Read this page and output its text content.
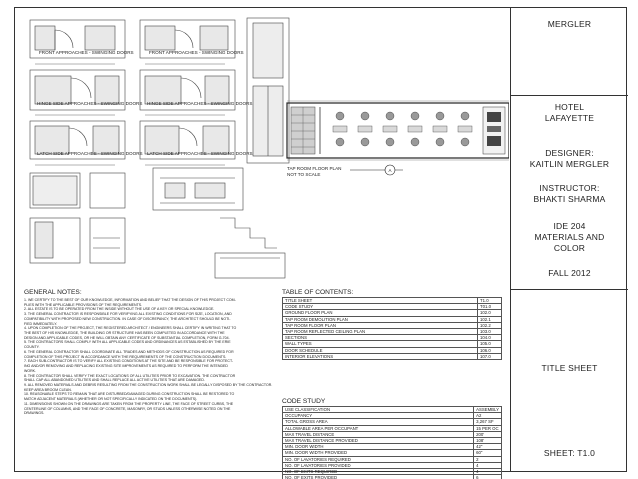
MERGLER
HOTEL
LAFAYETTE
DESIGNER:
KAITLIN MERGLER
INSTRUCTOR:
BHAKTI SHARMA
IDE 204
MATERIALS AND
COLOR
FALL 2012
TITLE SHEET
SHEET: T1.0
A
FRONT APPROACHES - SWINGING DOORS	FRONT APPROACHES - SWINGING DOORS
HINGE SIDE APPROACHES - SWINGING DOORS HINGE SIDE APPROACHES - SWINGING DOORS
LATCH SIDE APPROACHES - SWINGING DOORS LATCH SIDE APPROACHES - SWINGING DOORS
TAP ROOM FLOOR PLAN
NOT TO SCALE
GENERAL NOTES:
1. WE CERTIFY TO THE BEST OF OUR KNOWLEDGE, INFORMATION AND BELIEF THAT THE DESIGN OF THIS PROJECT COM-
PLIES WITH THE APPLICABLE PROVISIONS OF THE REQUIREMENTS.
2. ALL ESTATE IS TO BE OPERATED FROM THE INSIDE WITHOUT THE USE OF A KEY OR SPECIAL KNOWLEDGE.
3. THE GENERAL CONTRACTOR IS RESPONSIBLE FOR VERIFYING ALL EXISTING CONDITIONS FOR SIZE, LOCATION, AND
COMPATIBILITY WITH PROPOSED NEW CONSTRUCTION. IN CASE OF DISCREPANCY, THE ARCHITECT SHOULD BE NOTI-
FIED IMMEDIATELY.
4. UPON COMPLETION OF THE PROJECT, THE REGISTERED ARCHITECT / ENGINEERS SHALL CERTIFY IN WRITING THAT TO
THE BEST OF HIS KNOWLEDGE, THE BUILDING OR STRUCTURE HAS BEEN COMPLETED IN ACCORDANCE WITH THE
DESIGN AND APPLICABLE CODES, OR HE WILL OBTAIN ANY CERTIFICATE OF SUBSTANTIAL COMPLETION, FORM G-704.
5. THE CONTRACTORS SHALL COMPLY WITH ALL APPLICABLE CODES AND ORDINANCES AS ESTABLISHED BY THE ERIE
COUNTY.
6. THE GENERAL CONTRACTOR SHALL COORDINATE ALL TRADES AND METHODS OF CONSTRUCTION AS REQUIRED FOR
COMPLETION OF THIS PROJECT IN ACCORDANCE WITH THE REQUIREMENTS OF THE CONSTRUCTION DOCUMENTS.
7. EACH SUB-CONTRACTOR IS TO VERIFY ALL EXISTING CONDITIONS AT THE SITE AND BE RESPONSIBLE FOR PROTECT-
ING AND/OR REMOVING AND REPLACING EXISTING SITE IMPROVEMENTS AS REQUIRED TO PERFORM THE INTENDED
WORK.
8. THE CONTRACTOR SHALL VERIFY THE EXACT LOCATIONS OF ALL UTILITIES PRIOR TO EXCAVATION. THE CONTRACTOR
SHALL CAP ALL ABANDONED UTILITIES AND SHALL REPLACE ALL ACTIVE UTILITIES THAT ARE DAMAGED.
9. ALL REMOVED MATERIALS AND DEBRIS RESULTING FROM THE CONSTRUCTION WORK SHALL BE LEGALLY DISPOSED BY THE CONTRACTOR.
KEEP AREA BROOM CLEAN.
10. REASONABLE STEPS TO REMAIN THAT ARE DISTURBED/DAMAGED DURING CONSTRUCTION SHALL BE RESTORED TO
MATCH ADJACENT MATERIALS (WHETHER OR NOT SPECIFICALLY INDICATED ON THE DOCUMENTS).
11. DIMENSIONS SHOWN ON THE DRAWINGS ARE TAKEN FROM THE PROPERTY LINE, THE FACE OF STREET CURBS, THE
CENTERLINE OF COLUMNS, AND THE FACE OF CONCRETE, MASONRY, OR STUDS UNLESS OTHERWISE NOTED ON THE
DRAWINGS.
TABLE OF CONTENTS:
TITLE SHEET	T1.0
CODE STUDY	T01.0
GROUND FLOOR PLAN	102.0
TAP ROOM DEMOLITION PLAN	102.1
TAP ROOM FLOOR PLAN	102.2
TAP ROOM REFLECTED CEILING PLAN	103.0
SECTIONS	104.0
WALL TYPES	105.0
DOOR SCHEDULE	106.0
INTERIOR ELEVATIONS	107.0
CODE STUDY
USE CLASSIFICATION	ASSEMBLY
OCCUPANCY	A2
TOTAL GROSS AREA	3,267 SF
ALLOWABLE AREA PER OCCUPANT	15 PER OC
MAX TRAVEL DISTANCE	200'
MAX TRAVEL DISTANCE PROVIDED	108'
MIN. DOOR WIDTH	42"
MIN. DOOR WIDTH PROVIDED	60"
NO. OF LAVATORIES REQUIRED	2
NO. OF LAVATORIES PROVIDED	4
NO. OF EXITS REQUIRED	4
NO. OF EXITS PROVIDED	6
